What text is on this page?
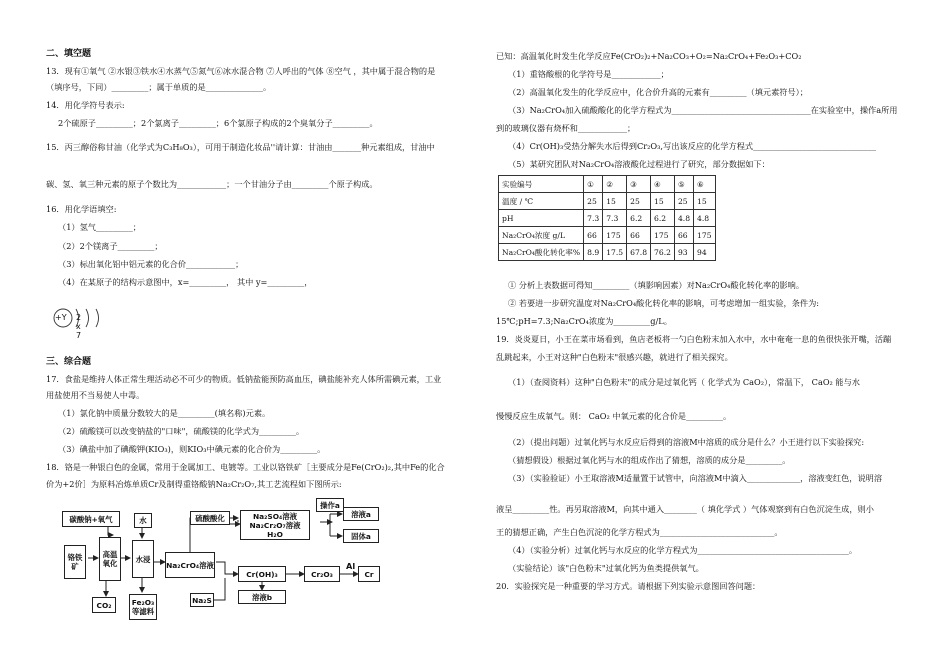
二、填空题
13．现有①氧气 ②水银③铁水④水蒸气⑤氮气⑥冰水混合物 ⑦人呼出的气体 ⑧空气 ，其中属于混合物的是
（填序号，下同）_________；属于单质的是______________。
14．用化学符号表示:
2个硫原子_________；2个氯离子_________；6个氯原子构成的2个臭氧分子_________。
15．丙三醇俗称甘油（化学式为C₃H₈O₃），可用于制造化妆品''请计算：甘油由_______种元素组成，甘油中
碳、氢、氧三种元素的原子个数比为____________；一个甘油分子由_________个原子构成。
16．用化学语填空:
（1）氢气_________；
（2）2个镁离子_________；
（3）标出氧化铝中铝元素的化合价____________；
（4）在某原子的结构示意图中，x=_________， 其中 y=_________，
+Y 2 x 7
三、综合题
17．食盐是维持人体正常生理活动必不可少的物质。低钠盐能预防高血压，碘盐能补充人体所需碘元素，工业
用盐使用不当易使人中毒。
（1）氯化钠中质量分数较大的是_________(填名称)元素。
（2）硫酸镁可以改变钠盐的"口味"，硫酸镁的化学式为_________。
（3）碘盐中加了碘酸钾(KIO₃)，则KIO₃中碘元素的化合价为_________。
18．铬是一种银白色的金属，常用于金属加工、电镀等。工业以铬铁矿［主要成分是Fe(CrO₂)₂,其中Fe的化合
价为+2价］为原料冶炼单质Cr及制得重铬酸钠Na₂Cr₂O₇,其工艺流程如下图所示:
碳酸钠+氧气
铬铁矿
高温氧化
水
水浸
Fe₂O₃等滤料
CO₂
Na₂CrO₄溶液
硫酸酸化	Na₂SO₄溶液 Na₂Cr₂O₇溶液 H₂O
操作a
溶液a
固体a
Cr(OH)₃	Cr₂O₃
Al
Cr
溶液b
Na₂S
已知：高温氧化时发生化学反应Fe(CrO₂)₂+Na₂CO₃+O₂=Na₂CrO₄+Fe₂O₃+CO₂
（1）重铬酸根的化学符号是____________；
（2）高温氧化发生的化学反应中，化合价升高的元素有_________（填元素符号）；
（3）Na₂CrO₄加入硫酸酸化的化学方程式为__________________________________在实验室中，操作a所用
到的玻璃仪器有烧杯和____________；
（4）Cr(OH)₃受热分解失水后得到Cr₂O₃,写出该反应的化学方程式______________________________
（5）某研究团队对Na₂CrO₄溶液酸化过程进行了研究，部分数据如下：
实验编号	①	②	③	④	⑤	⑥
温度 / ℃	25	15	25	15	25	15
pH	7.3	7.3	6.2	6.2	4.8	4.8
Na₂CrO₄浓度 g/L	66	175	66	175	66	175
Na₂CrO₄酸化转化率%	8.9	17.5	67.8	76.2	93	94
① 分析上表数据可得知_________（填影响因素）对Na₂CrO₄酸化转化率的影响。
② 若要进一步研究温度对Na₂CrO₄酸化转化率的影响，可考虑增加一组实验，条件为:
15℃;pH=7.3;Na₂CrO₄浓度为_________g/L。
19．炎炎夏日，小王在菜市场看到，鱼店老板将一勺白色粉末加入水中，水中奄奄一息的鱼很快张开嘴，活蹦
乱跳起来，小王对这种"白色粉末"很感兴趣，就进行了相关探究。
（1）（查阅资料）这种"白色粉末"的成分是过氧化钙（ 化学式为 CaO₂），常温下， CaO₂ 能与水
慢慢反应生成氧气。则： CaO₂ 中氧元素的化合价是_________。
（2）（提出问题）过氧化钙与水反应后得到的溶液M中溶质的成分是什么？小王进行以下实验探究:
（猜想假设）根据过氧化钙与水的组成作出了猜想，溶质的成分是_________。
（3）（实验验证）小王取溶液M适量置于试管中，向溶液M中滴入_____________，溶液变红色，说明溶
液呈_________性。再另取溶液M，向其中通入________（ 填化学式 ）气体观察到有白色沉淀生成，则小
王的猜想正确，产生白色沉淀的化学方程式为____________________________。
（4）（实验分析）过氧化钙与水反应的化学方程式为_____________________________________。
（实验结论）该"白色粉末"过氧化钙为鱼类提供氧气。
20．实验探究是一种重要的学习方式。请根据下列实验示意图回答问题：
